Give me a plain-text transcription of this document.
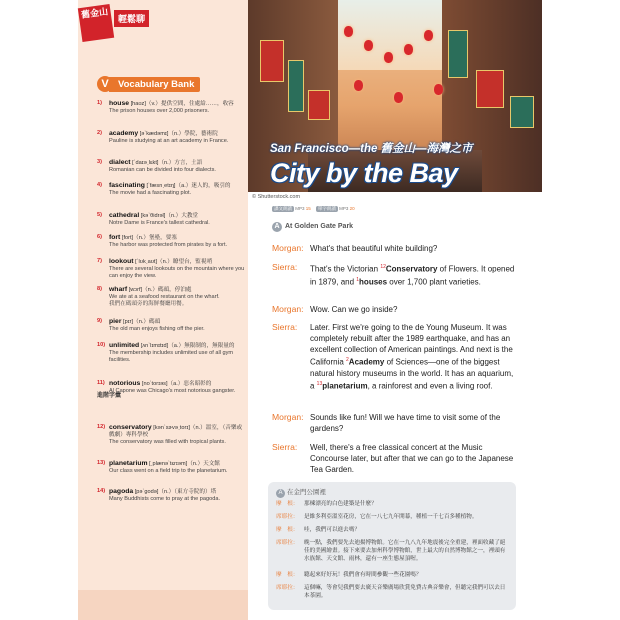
舊金山	輕鬆聊
Vocabulary Bank
V
1) house [haʊz]（v.）提供空間，住處給……，收容
The prison houses over 2,000 prisoners.
2) academy [əˋkædəmɪ]（n.）學院，藝術院
Pauline is studying at an art academy in France.
3) dialect [ˋdaɪəˏlɛkt]（n.）方言，土語
Romanian can be divided into four dialects.
4) fascinating [ˋfæsnˏetɪŋ]（a.）迷人的，吸引的
The movie had a fascinating plot.
5) cathedral [kəˋθidrəl]（n.）大教堂
Notre Dame is France's tallest cathedral.
6) fort [fort]（n.）堡壘，要塞
The harbor was protected from pirates by a fort.
7) lookout [ˋlʊkˏaʊt]（n.）瞭望台，監視哨
There are several lookouts on the mountain where you can enjoy the view.
8) wharf [wɔrf]（n.）碼頭，停泊處
We ate at a seafood restaurant on the wharf.
我們在碼頭旁的海鮮餐廳用餐。
9) pier [pɪr]（n.）碼頭
The old man enjoys fishing off the pier.
10) unlimited [ʌnˋlɪmɪtɪd]（a.）無限制的，無限量的
The membership includes unlimited use of all gym facilities.
11) notorious [noˋtorɪəs]（a.）惡名昭彰的
Al Capone was Chicago's most notorious gangster.
進階字彙
12) conservatory [kənˋsɝvəˏtorɪ]（n.）溫室，（音樂或戲劇）專科學校
The conservatory was filled with tropical plants.
13) planetarium [ˏplænəˋtɛrɪəm]（n.）天文館
Our class went on a field trip to the planetarium.
14) pagoda [pəˋgodə]（n.）（東方寺院的）塔
Many Buddhists come to pray at the pagoda.
San Francisco—the 舊金山—海灣之市
City by the Bay
© Shutterstock.com
課文朗讀 MP3 15 單字朗讀 MP3 20
A At Golden Gate Park
Morgan: What's that beautiful white building?
Sierra: That's the Victorian $^{12}$Conservatory of Flowers. It opened in 1879, and $^1$houses over 1,700 plant varieties.
Morgan: Wow. Can we go inside?
Sierra: Later. First we're going to the de Young Museum. It was completely rebuilt after the 1989 earthquake, and has an excellent collection of American paintings. And next is the California $^2$Academy of Sciences—one of the biggest natural history museums in the world. It has an aquarium, a $^{13}$planetarium, a rainforest and even a living roof.
Morgan: Sounds like fun! Will we have time to visit some of the gardens?
Sierra: Well, there's a free classical concert at the Music Concourse later, but after that we can go to the Japanese Tea Garden.
A 在金門公園裡
摩　根： 那棟漂亮的白色建築是什麼？
席耶拉： 是維多利亞溫室花房，它在一八七九年開幕，種植一千七百多種植物。
摩　根： 哇，我們可以進去嗎？
席耶拉： 晚一點，我們要先去迪揚博物館。它在一九八九年地震後完全重建，裡面收藏了絕佳的美國繪畫。接下來要去加州科學博物館，世上最大的自然博物館之一，裡頭有水族館、天文館、雨林，還有一座生態屋頂喔。
摩　根： 聽起來好好玩！我們會有時間參觀一些花園嗎？
席耶拉： 這個嘛，等會兒我們要去廣天音樂廣場欣賞免費古典音樂會，但聽完我們可以去日本茶園。
